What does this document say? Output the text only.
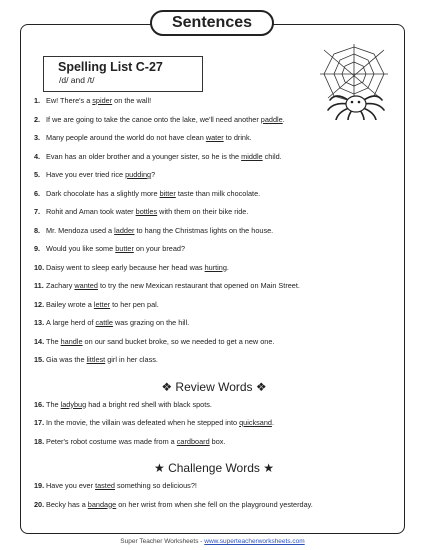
Sentences
Spelling List C-27
/d/ and /t/
1. Ew! There's a spider on the wall!
2. If we are going to take the canoe onto the lake, we'll need another paddle.
3. Many people around the world do not have clean water to drink.
4. Evan has an older brother and a younger sister, so he is the middle child.
5. Have you ever tried rice pudding?
6. Dark chocolate has a slightly more bitter taste than milk chocolate.
7. Rohit and Aman took water bottles with them on their bike ride.
8. Mr. Mendoza used a ladder to hang the Christmas lights on the house.
9. Would you like some butter on your bread?
10. Daisy went to sleep early because her head was hurting.
11. Zachary wanted to try the new Mexican restaurant that opened on Main Street.
12. Bailey wrote a letter to her pen pal.
13. A large herd of cattle was grazing on the hill.
14. The handle on our sand bucket broke, so we needed to get a new one.
15. Gia was the littlest girl in her class.
❖ Review Words ❖
16. The ladybug had a bright red shell with black spots.
17. In the movie, the villain was defeated when he stepped into quicksand.
18. Peter's robot costume was made from a cardboard box.
★ Challenge Words ★
19. Have you ever tasted something so delicious?!
20. Becky has a bandage on her wrist from when she fell on the playground yesterday.
Super Teacher Worksheets - www.superteacherworksheets.com
